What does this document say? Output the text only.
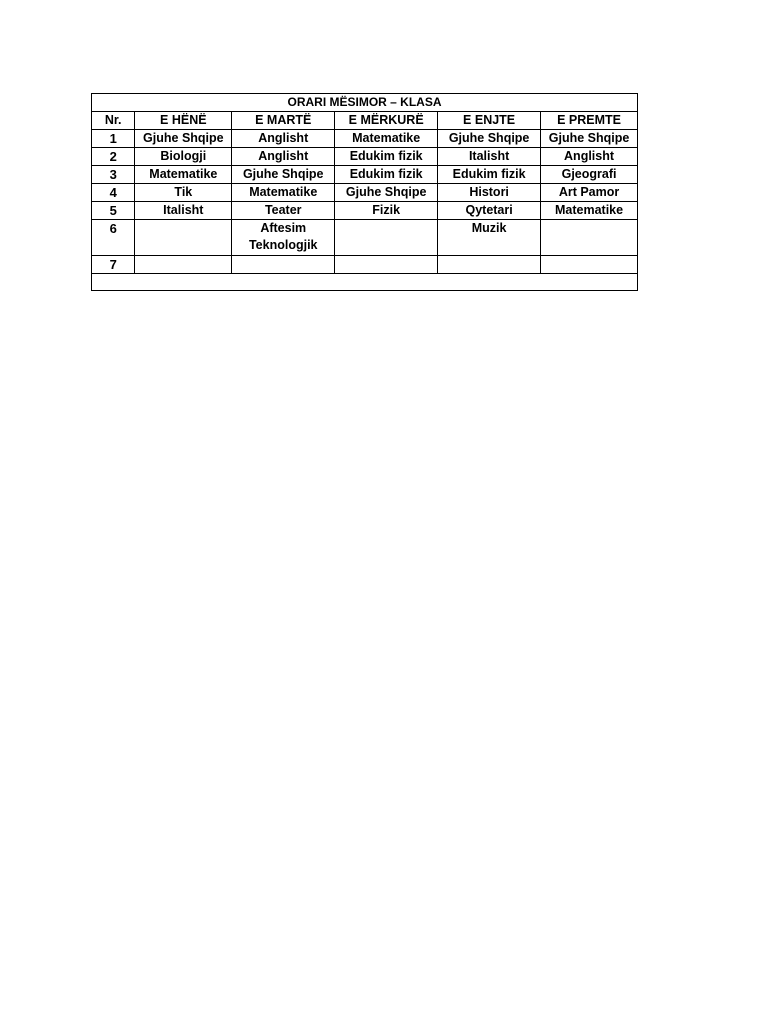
ORARI MËSIMOR – KLASA					
Nr.	E HËNË	E MARTË	E MËRKURË	E ENJTE	E PREMTE
1	Gjuhe Shqipe	Anglisht	Matematike	Gjuhe Shqipe	Gjuhe Shqipe
2	Biologji	Anglisht	Edukim fizik	Italisht	Anglisht
3	Matematike	Gjuhe Shqipe	Edukim fizik	Edukim fizik	Gjeografi
4	Tik	Matematike	Gjuhe Shqipe	Histori	Art Pamor
5	Italisht	Teater	Fizik	Qytetari	Matematike
6		Aftesim Teknologjik		Muzik	
7					
